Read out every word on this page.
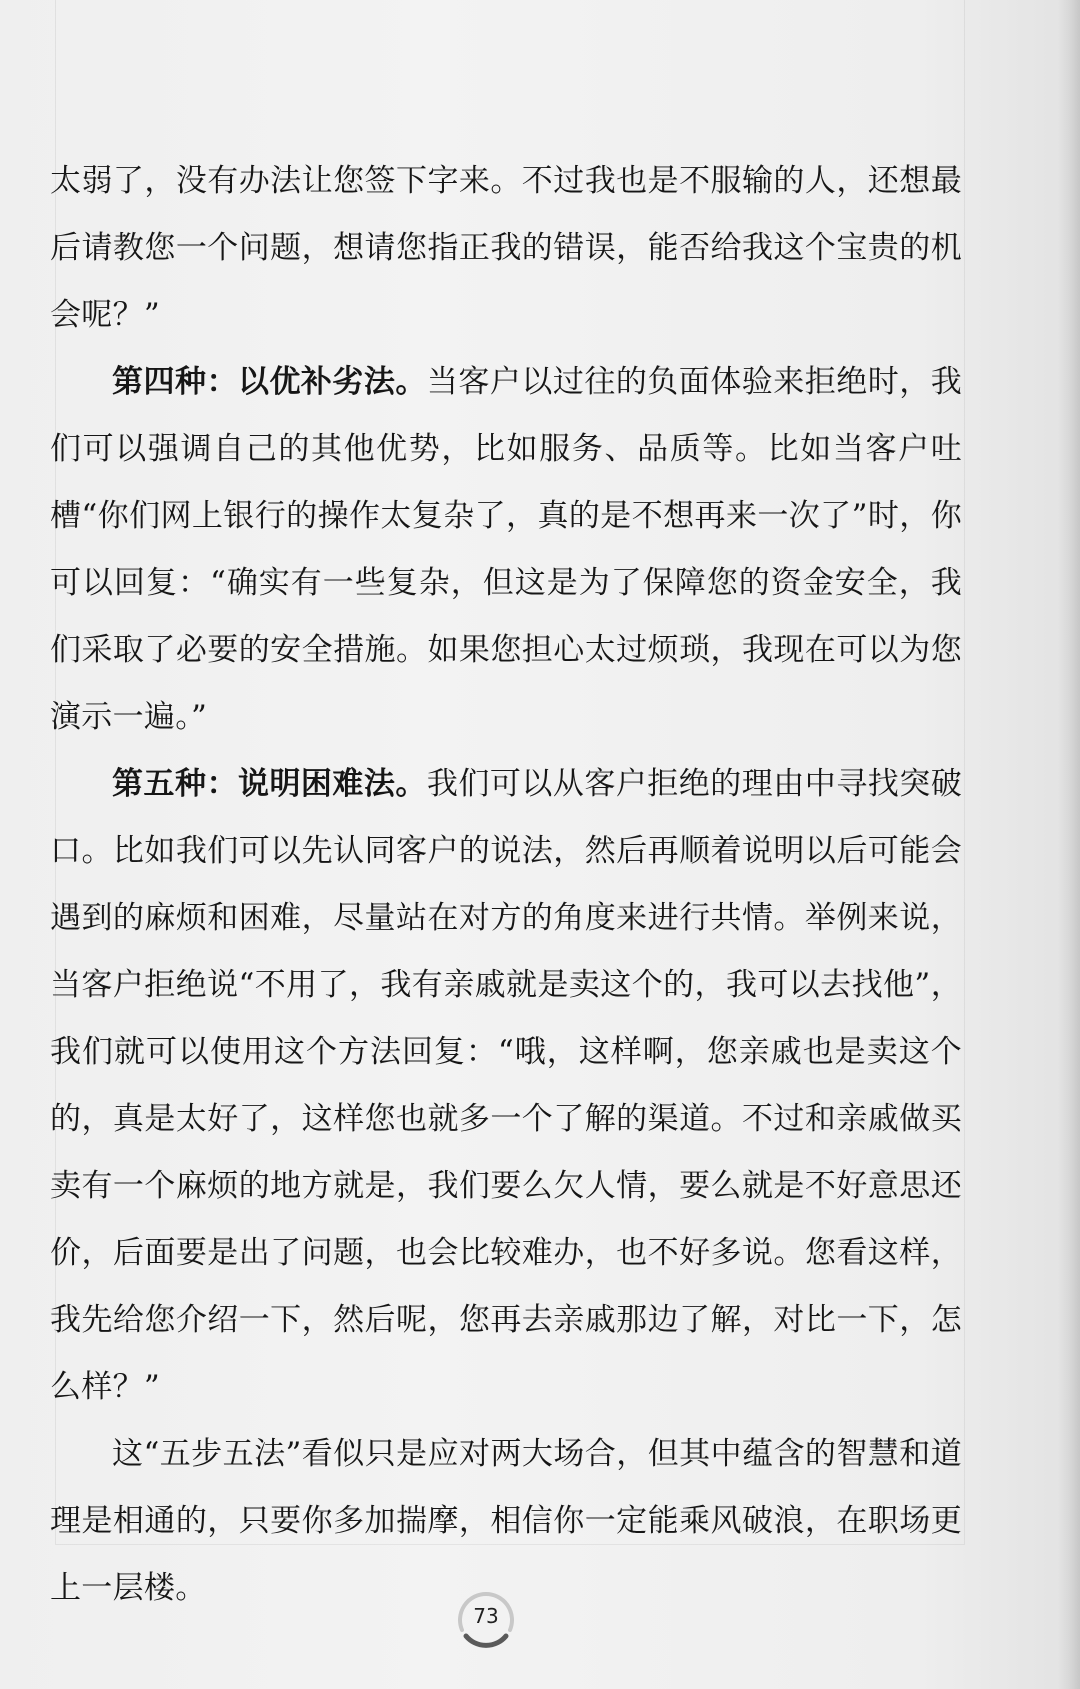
太弱了，没有办法让您签下字来。不过我也是不服输的人，还想最后请教您一个问题，想请您指正我的错误，能否给我这个宝贵的机会呢？”

第四种：以优补劣法。当客户以过往的负面体验来拒绝时，我们可以强调自己的其他优势，比如服务、品质等。比如当客户吐槽“你们网上银行的操作太复杂了，真的是不想再来一次了”时，你可以回复：“确实有一些复杂，但这是为了保障您的资金安全，我们采取了必要的安全措施。如果您担心太过烦琐，我现在可以为您演示一遍。”

第五种：说明困难法。我们可以从客户拒绝的理由中寻找突破口。比如我们可以先认同客户的说法，然后再顺着说明以后可能会遇到的麻烦和困难，尽量站在对方的角度来进行共情。举例来说，当客户拒绝说“不用了，我有亲戚就是卖这个的，我可以去找他”，我们就可以使用这个方法回复：“哦，这样啊，您亲戚也是卖这个的，真是太好了，这样您也就多一个了解的渠道。不过和亲戚做买卖有一个麻烦的地方就是，我们要么欠人情，要么就是不好意思还价，后面要是出了问题，也会比较难办，也不好多说。您看这样，我先给您介绍一下，然后呢，您再去亲戚那边了解，对比一下，怎么样？”

这“五步五法”看似只是应对两大场合，但其中蕴含的智慧和道理是相通的，只要你多加揣摩，相信你一定能乘风破浪，在职场更上一层楼。

73
